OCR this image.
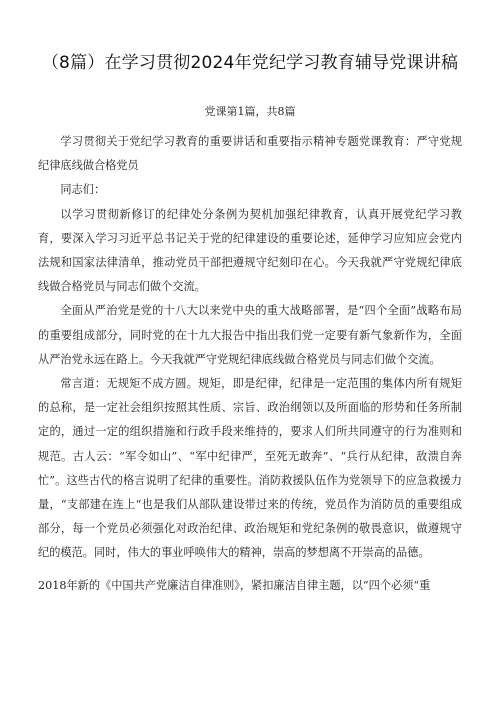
（8篇）在学习贯彻2024年党纪学习教育辅导党课讲稿
党课第1篇，共8篇

学习贯彻关于党纪学习教育的重要讲话和重要指示精神专题党课教育：严守党规纪律底线做合格党员

同志们：

以学习贯彻新修订的纪律处分条例为契机加强纪律教育，认真开展党纪学习教育，要深入学习习近平总书记关于党的纪律建设的重要论述，延伸学习应知应会党内法规和国家法律清单，推动党员干部把遵规守纪刻印在心。今天我就严守党规纪律底线做合格党员与同志们做个交流。

全面从严治党是党的十八大以来党中央的重大战略部署，是“四个全面”战略布局的重要组成部分，同时党的在十九大报告中指出我们党一定要有新气象新作为，全面从严治党永远在路上。今天我就严守党规纪律底线做合格党员与同志们做个交流。

常言道：无规矩不成方圆。规矩，即是纪律，纪律是一定范围的集体内所有规矩的总称，是一定社会组织按照其性质、宗旨、政治纲领以及所面临的形势和任务所制定的，通过一定的组织措施和行政手段来维持的，要求人们所共同遵守的行为准则和规范。古人云：“军令如山”、“军中纪律严，至死无敢奔”、“兵行从纪律，敌溃自奔忙”。这些古代的格言说明了纪律的重要性。消防救援队伍作为党领导下的应急救援力量，“支部建在连上“也是我们从部队建设带过来的传统，党员作为消防员的重要组成部分，每一个党员必须强化对政治纪律、政治规矩和党纪条例的敬畏意识，做遵规守纪的模范。同时，伟大的事业呼唤伟大的精神，崇高的梦想离不开崇高的品德。

2018年新的《中国共产党廉洁自律准则》，紧扣廉洁自律主题，以“四个必须“重
